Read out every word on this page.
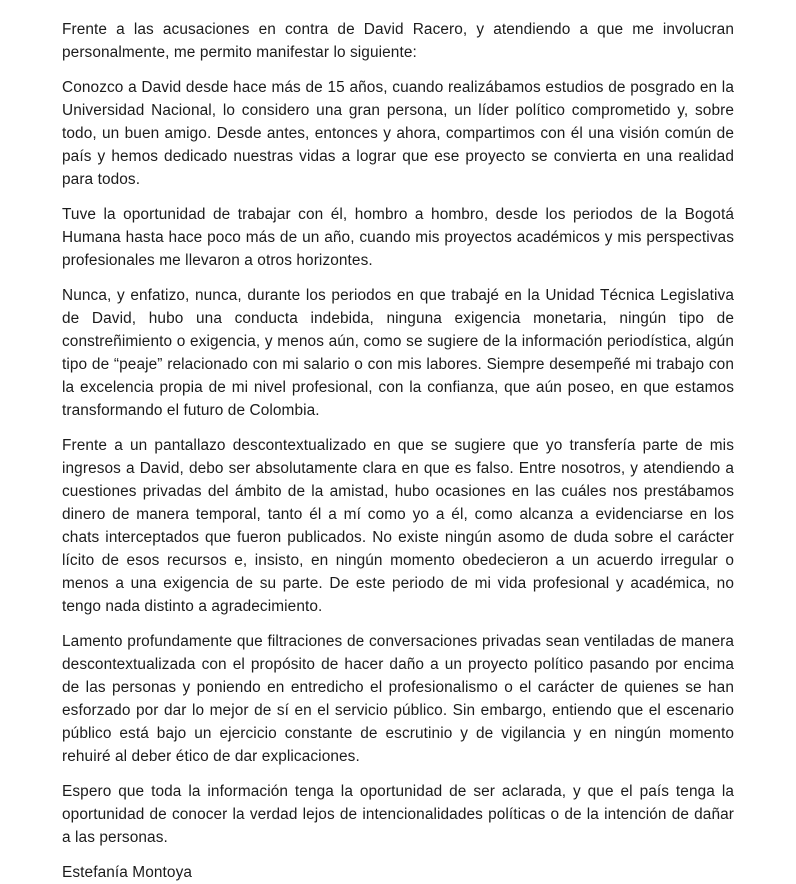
Frente a las acusaciones en contra de David Racero, y atendiendo a que me involucran personalmente, me permito manifestar lo siguiente:

Conozco a David desde hace más de 15 años, cuando realizábamos estudios de posgrado en la Universidad Nacional, lo considero una gran persona, un líder político comprometido y, sobre todo, un buen amigo. Desde antes, entonces y ahora, compartimos con él una visión común de país y hemos dedicado nuestras vidas a lograr que ese proyecto se convierta en una realidad para todos.

Tuve la oportunidad de trabajar con él, hombro a hombro, desde los periodos de la Bogotá Humana hasta hace poco más de un año, cuando mis proyectos académicos y mis perspectivas profesionales me llevaron a otros horizontes.

Nunca, y enfatizo, nunca, durante los periodos en que trabajé en la Unidad Técnica Legislativa de David, hubo una conducta indebida, ninguna exigencia monetaria, ningún tipo de constreñimiento o exigencia, y menos aún, como se sugiere de la información periodística, algún tipo de “peaje” relacionado con mi salario o con mis labores. Siempre desempeñé mi trabajo con la excelencia propia de mi nivel profesional, con la confianza, que aún poseo, en que estamos transformando el futuro de Colombia.

Frente a un pantallazo descontextualizado en que se sugiere que yo transfería parte de mis ingresos a David, debo ser absolutamente clara en que es falso. Entre nosotros, y atendiendo a cuestiones privadas del ámbito de la amistad, hubo ocasiones en las cuáles nos prestábamos dinero de manera temporal, tanto él a mí como yo a él, como alcanza a evidenciarse en los chats interceptados que fueron publicados. No existe ningún asomo de duda sobre el carácter lícito de esos recursos e, insisto, en ningún momento obedecieron a un acuerdo irregular o menos a una exigencia de su parte. De este periodo de mi vida profesional y académica, no tengo nada distinto a agradecimiento.

Lamento profundamente que filtraciones de conversaciones privadas sean ventiladas de manera descontextualizada con el propósito de hacer daño a un proyecto político pasando por encima de las personas y poniendo en entredicho el profesionalismo o el carácter de quienes se han esforzado por dar lo mejor de sí en el servicio público. Sin embargo, entiendo que el escenario público está bajo un ejercicio constante de escrutinio y de vigilancia y en ningún momento rehuiré al deber ético de dar explicaciones.

Espero que toda la información tenga la oportunidad de ser aclarada, y que el país tenga la oportunidad de conocer la verdad lejos de intencionalidades políticas o de la intención de dañar a las personas.

Estefanía Montoya
